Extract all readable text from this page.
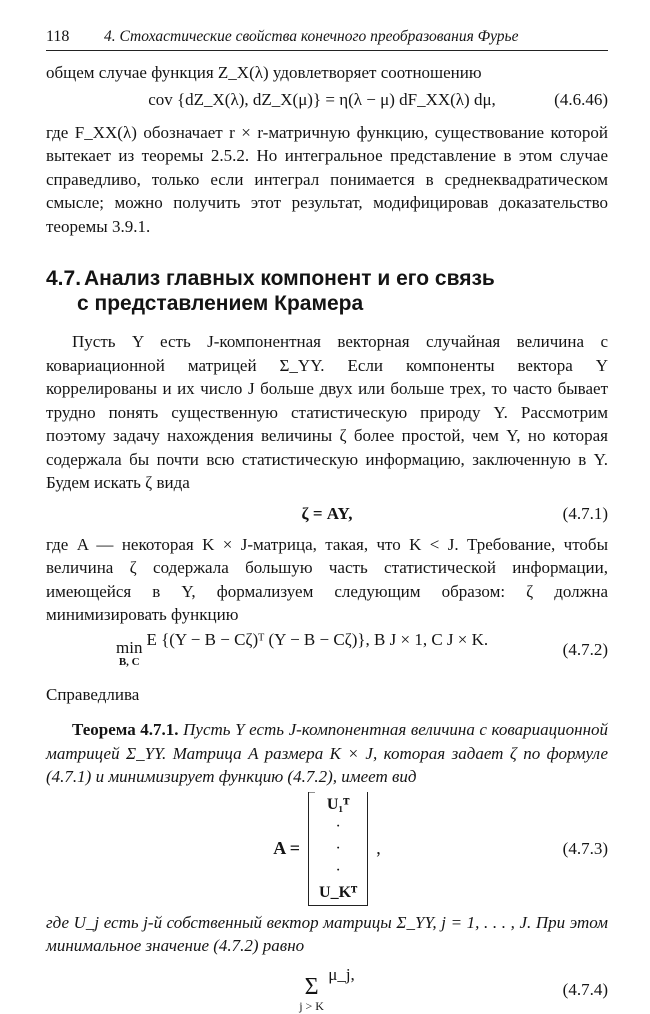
118	4. Стохастические свойства конечного преобразования Фурье

общем случае функция Z_X(λ) удовлетворяет соотношению

cov {dZ_X(λ), dZ_X(μ)} = η(λ − μ) dF_XX(λ) dμ,	(4.6.46)

где F_XX(λ) обозначает r × r-матричную функцию, существование которой вытекает из теоремы 2.5.2. Но интегральное представление в этом случае справедливо, только если интеграл понимается в среднеквадратическом смысле; можно получить этот результат, модифицировав доказательство теоремы 3.9.1.

4.7. Анализ главных компонент и его связь
с представлением Крамера

Пусть Y есть J-компонентная векторная случайная величина с ковариационной матрицей Σ_YY. Если компоненты вектора Y коррелированы и их число J больше двух или больше трех, то часто бывает трудно понять существенную статистическую природу Y. Рассмотрим поэтому задачу нахождения величины ζ более простой, чем Y, но которая содержала бы почти всю статистическую информацию, заключенную в Y. Будем искать ζ вида

ζ = AY,	(4.7.1)

где A — некоторая K × J-матрица, такая, что K < J. Требование, чтобы величина ζ содержала большую часть статистической информации, имеющейся в Y, формализуем следующим образом: ζ должна минимизировать функцию

min
B, C
E {(Y − B − Cζ)ᵀ (Y − B − Cζ)}, B J × 1, C J × K.
(4.7.2)

Справедлива

Теорема 4.7.1. Пусть Y есть J-компонентная величина с ковариационной матрицей Σ_YY. Матрица A размера K × J, которая задает ζ по формуле (4.7.1) и минимизирует функцию (4.7.2), имеет вид

A =
U₁ᵀ
·
·
·
U_Kᵀ
,	(4.7.3)

где U_j есть j-й собственный вектор матрицы Σ_YY, j = 1, . . . , J. При этом минимальное значение (4.7.2) равно

Σ
j > K
μ_j,
(4.7.4)
